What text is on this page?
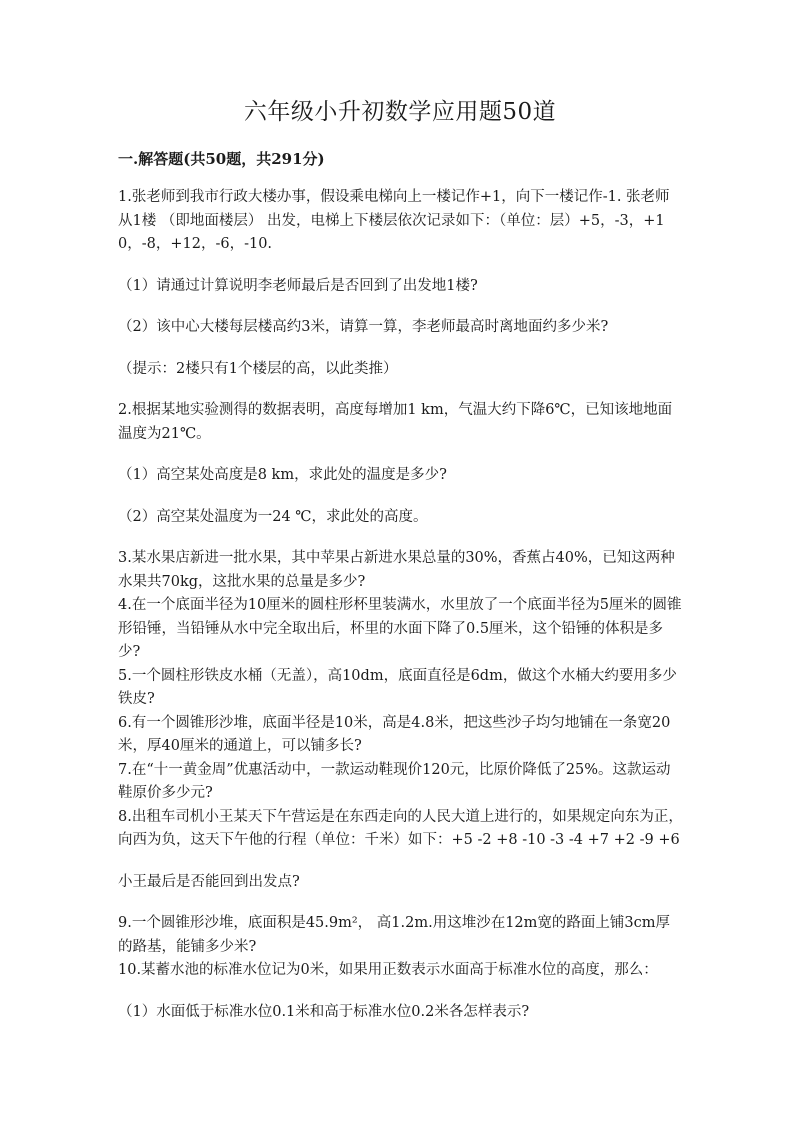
六年级小升初数学应用题50道
一.解答题(共50题，共291分)

1.张老师到我市行政大楼办事，假设乘电梯向上一楼记作+1，向下一楼记作-1. 张老师从1楼 （即地面楼层） 出发，电梯上下楼层依次记录如下：（单位：层）+5，-3，+10，-8，+12，-6，-10.

（1）请通过计算说明李老师最后是否回到了出发地1楼?

（2）该中心大楼每层楼高约3米，请算一算，李老师最高时离地面约多少米?

（提示：2楼只有1个楼层的高，以此类推）

2.根据某地实验测得的数据表明，高度每增加1 km，气温大约下降6℃，已知该地地面温度为21℃。

（1）高空某处高度是8 km，求此处的温度是多少?

（2）高空某处温度为一24 ℃，求此处的高度。

3.某水果店新进一批水果，其中苹果占新进水果总量的30%，香蕉占40%，已知这两种水果共70kg，这批水果的总量是多少?

4.在一个底面半径为10厘米的圆柱形杯里装满水，水里放了一个底面半径为5厘米的圆锥形铅锤，当铅锤从水中完全取出后，杯里的水面下降了0.5厘米，这个铅锤的体积是多少?

5.一个圆柱形铁皮水桶（无盖），高10dm，底面直径是6dm，做这个水桶大约要用多少铁皮?

6.有一个圆锥形沙堆，底面半径是10米，高是4.8米，把这些沙子均匀地铺在一条宽20米，厚40厘米的通道上，可以铺多长?

7.在“十一黄金周”优惠活动中，一款运动鞋现价120元，比原价降低了25%。这款运动鞋原价多少元?

8.出租车司机小王某天下午营运是在东西走向的人民大道上进行的，如果规定向东为正，向西为负，这天下午他的行程（单位：千米）如下：+5 -2 +8 -10 -3 -4 +7 +2 -9 +6

小王最后是否能回到出发点?

9.一个圆锥形沙堆，底面积是45.9m²， 高1.2m.用这堆沙在12m宽的路面上铺3cm厚的路基，能铺多少米?

10.某蓄水池的标准水位记为0米，如果用正数表示水面高于标准水位的高度，那么：

（1）水面低于标准水位0.1米和高于标准水位0.2米各怎样表示?
